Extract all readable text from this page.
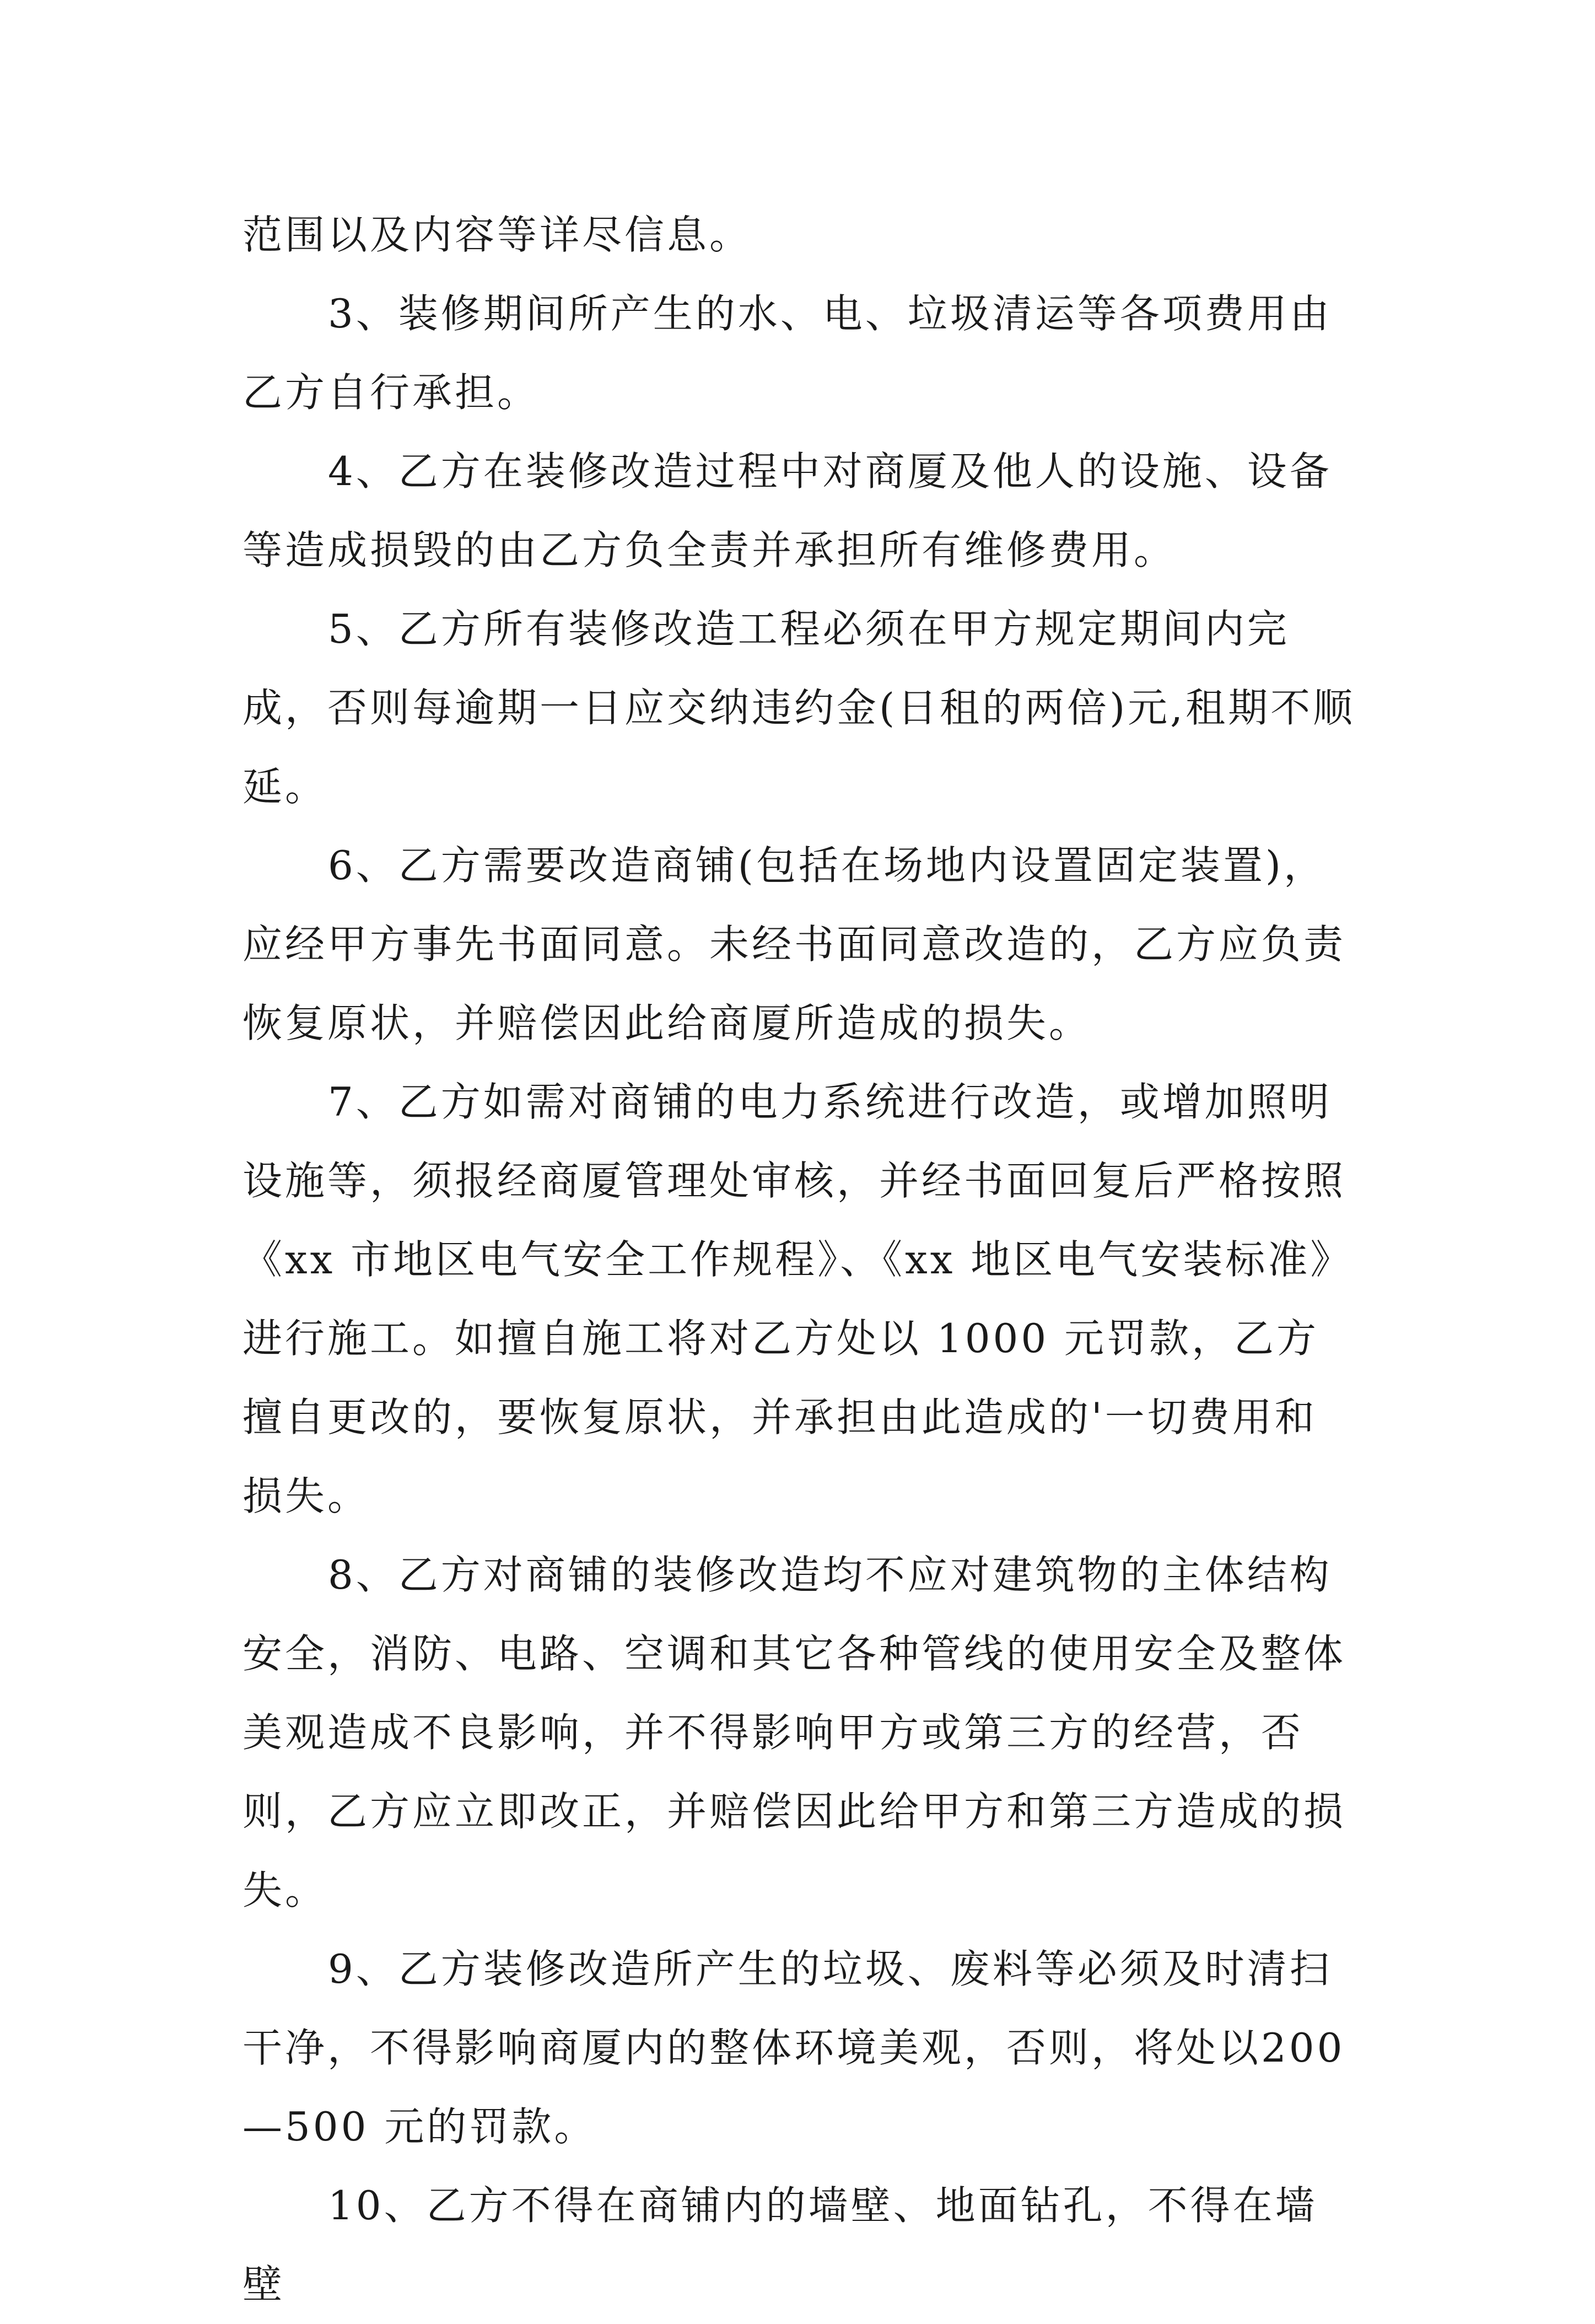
范围以及内容等详尽信息。

3、装修期间所产生的水、电、垃圾清运等各项费用由乙方自行承担。

4、乙方在装修改造过程中对商厦及他人的设施、设备等造成损毁的由乙方负全责并承担所有维修费用。

5、乙方所有装修改造工程必须在甲方规定期间内完成，否则每逾期一日应交纳违约金(日租的两倍)元,租期不顺延。

6、乙方需要改造商铺(包括在场地内设置固定装置)，应经甲方事先书面同意。未经书面同意改造的，乙方应负责恢复原状，并赔偿因此给商厦所造成的损失。

7、乙方如需对商铺的电力系统进行改造，或增加照明设施等，须报经商厦管理处审核，并经书面回复后严格按照《xx 市地区电气安全工作规程》、《xx 地区电气安装标准》进行施工。如擅自施工将对乙方处以 1000 元罚款，乙方擅自更改的，要恢复原状，并承担由此造成的'一切费用和损失。

8、乙方对商铺的装修改造均不应对建筑物的主体结构安全，消防、电路、空调和其它各种管线的使用安全及整体美观造成不良影响，并不得影响甲方或第三方的经营，否则，乙方应立即改正，并赔偿因此给甲方和第三方造成的损失。

9、乙方装修改造所产生的垃圾、废料等必须及时清扫干净，不得影响商厦内的整体环境美观，否则，将处以200—500 元的罚款。

10、乙方不得在商铺内的墙壁、地面钻孔，不得在墙壁
